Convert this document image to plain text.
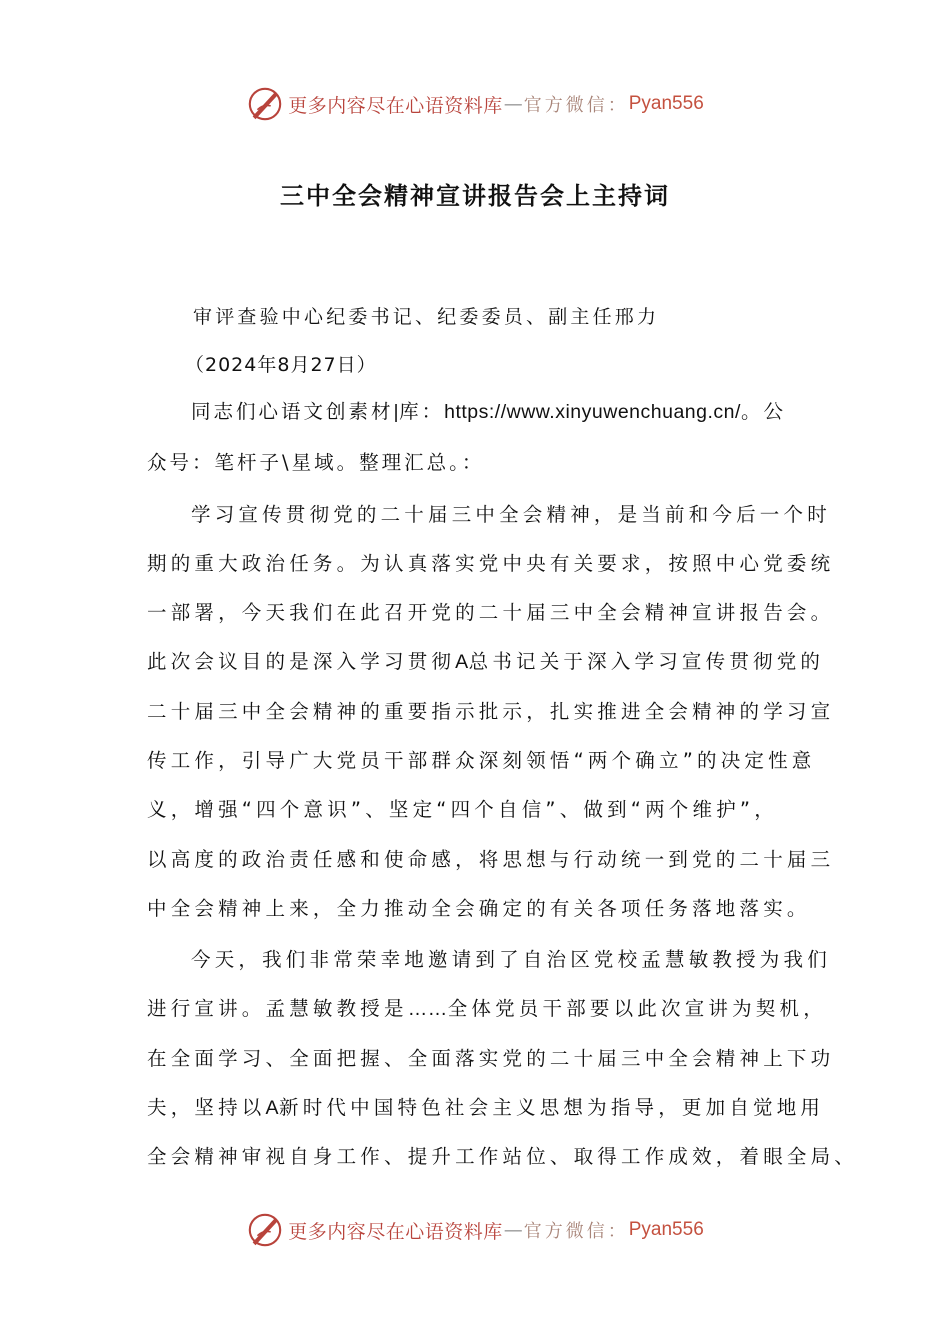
更多内容尽在心语资料库 — 官方微信： Pyan556
三中全会精神宣讲报告会上主持词
审评查验中心纪委书记、纪委委员、副主任邢力
（2024年8月27日）
同志们心语文创素材|库：https://www.xinyuwenchuang.cn/。公
众号：笔杆子\星域。整理汇总。：
学习宣传贯彻党的二十届三中全会精神，是当前和今后一个时
期的重大政治任务。为认真落实党中央有关要求，按照中心党委统
一部署，今天我们在此召开党的二十届三中全会精神宣讲报告会。
此次会议目的是深入学习贯彻A总书记关于深入学习宣传贯彻党的
二十届三中全会精神的重要指示批示，扎实推进全会精神的学习宣
传工作，引导广大党员干部群众深刻领悟“两个确立”的决定性意
义，增强“四个意识”、坚定“四个自信”、做到“两个维护”，
以高度的政治责任感和使命感，将思想与行动统一到党的二十届三
中全会精神上来，全力推动全会确定的有关各项任务落地落实。
今天，我们非常荣幸地邀请到了自治区党校孟慧敏教授为我们
进行宣讲。孟慧敏教授是……全体党员干部要以此次宣讲为契机，
在全面学习、全面把握、全面落实党的二十届三中全会精神上下功
夫，坚持以A新时代中国特色社会主义思想为指导，更加自觉地用
全会精神审视自身工作、提升工作站位、取得工作成效，着眼全局、
更多内容尽在心语资料库 — 官方微信： Pyan556
